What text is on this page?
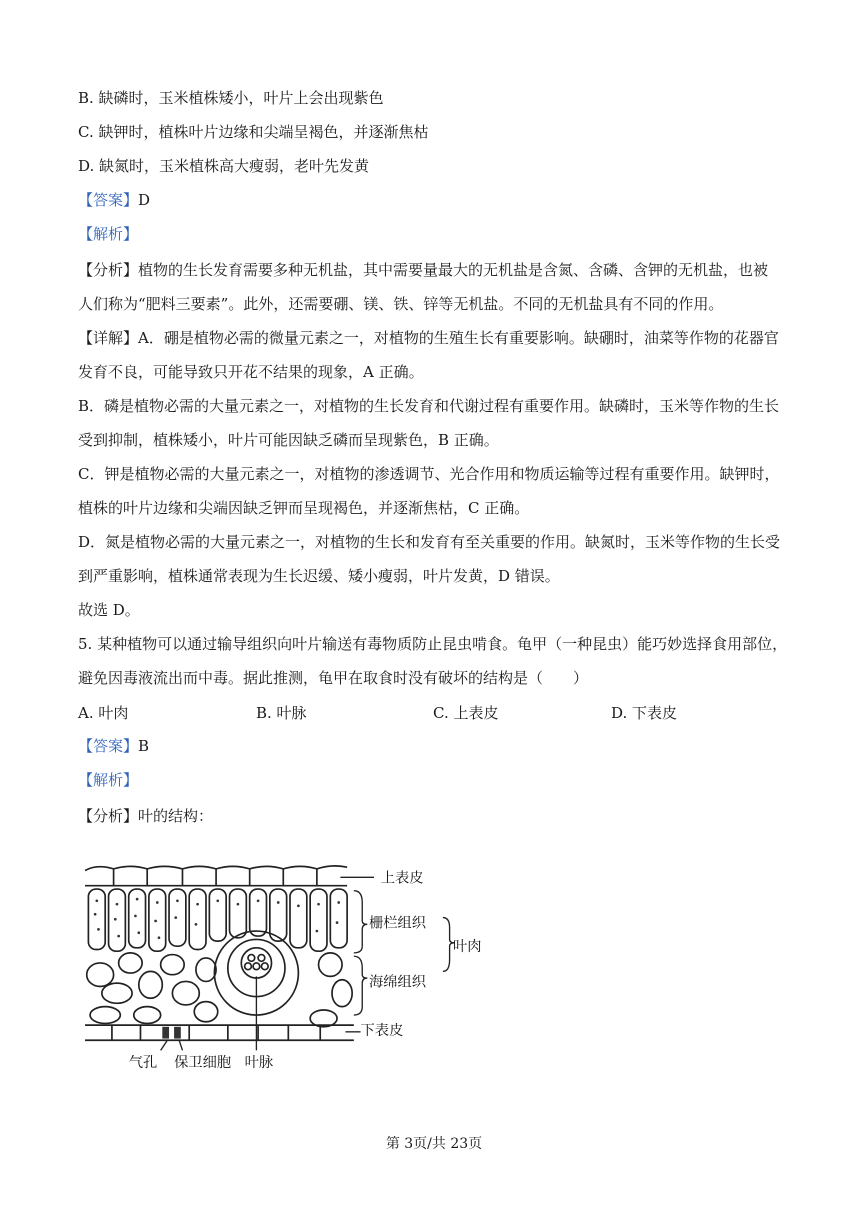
B. 缺磷时，玉米植株矮小，叶片上会出现紫色
C. 缺钾时，植株叶片边缘和尖端呈褐色，并逐渐焦枯
D. 缺氮时，玉米植株高大瘦弱，老叶先发黄
【答案】D
【解析】
【分析】植物的生长发育需要多种无机盐，其中需要量最大的无机盐是含氮、含磷、含钾的无机盐，也被
人们称为“肥料三要素”。此外，还需要硼、镁、铁、锌等无机盐。不同的无机盐具有不同的作用。
【详解】A．硼是植物必需的微量元素之一，对植物的生殖生长有重要影响。缺硼时，油菜等作物的花器官
发育不良，可能导致只开花不结果的现象，A 正确。
B．磷是植物必需的大量元素之一，对植物的生长发育和代谢过程有重要作用。缺磷时，玉米等作物的生长
受到抑制，植株矮小，叶片可能因缺乏磷而呈现紫色，B 正确。
C．钾是植物必需的大量元素之一，对植物的渗透调节、光合作用和物质运输等过程有重要作用。缺钾时，
植株的叶片边缘和尖端因缺乏钾而呈现褐色，并逐渐焦枯，C 正确。
D．氮是植物必需的大量元素之一，对植物的生长和发育有至关重要的作用。缺氮时，玉米等作物的生长受
到严重影响，植株通常表现为生长迟缓、矮小瘦弱，叶片发黄，D 错误。
故选 D。
5. 某种植物可以通过输导组织向叶片输送有毒物质防止昆虫啃食。龟甲（一种昆虫）能巧妙选择食用部位，
避免因毒液流出而中毒。据此推测，龟甲在取食时没有破坏的结构是（　　）
A. 叶肉	B. 叶脉	C. 上表皮	D. 下表皮
【答案】B
【解析】
【分析】叶的结构：
上表皮
栅栏组织
海绵组织
叶肉
下表皮
气孔 保卫细胞 叶脉
第 3页/共 23页
